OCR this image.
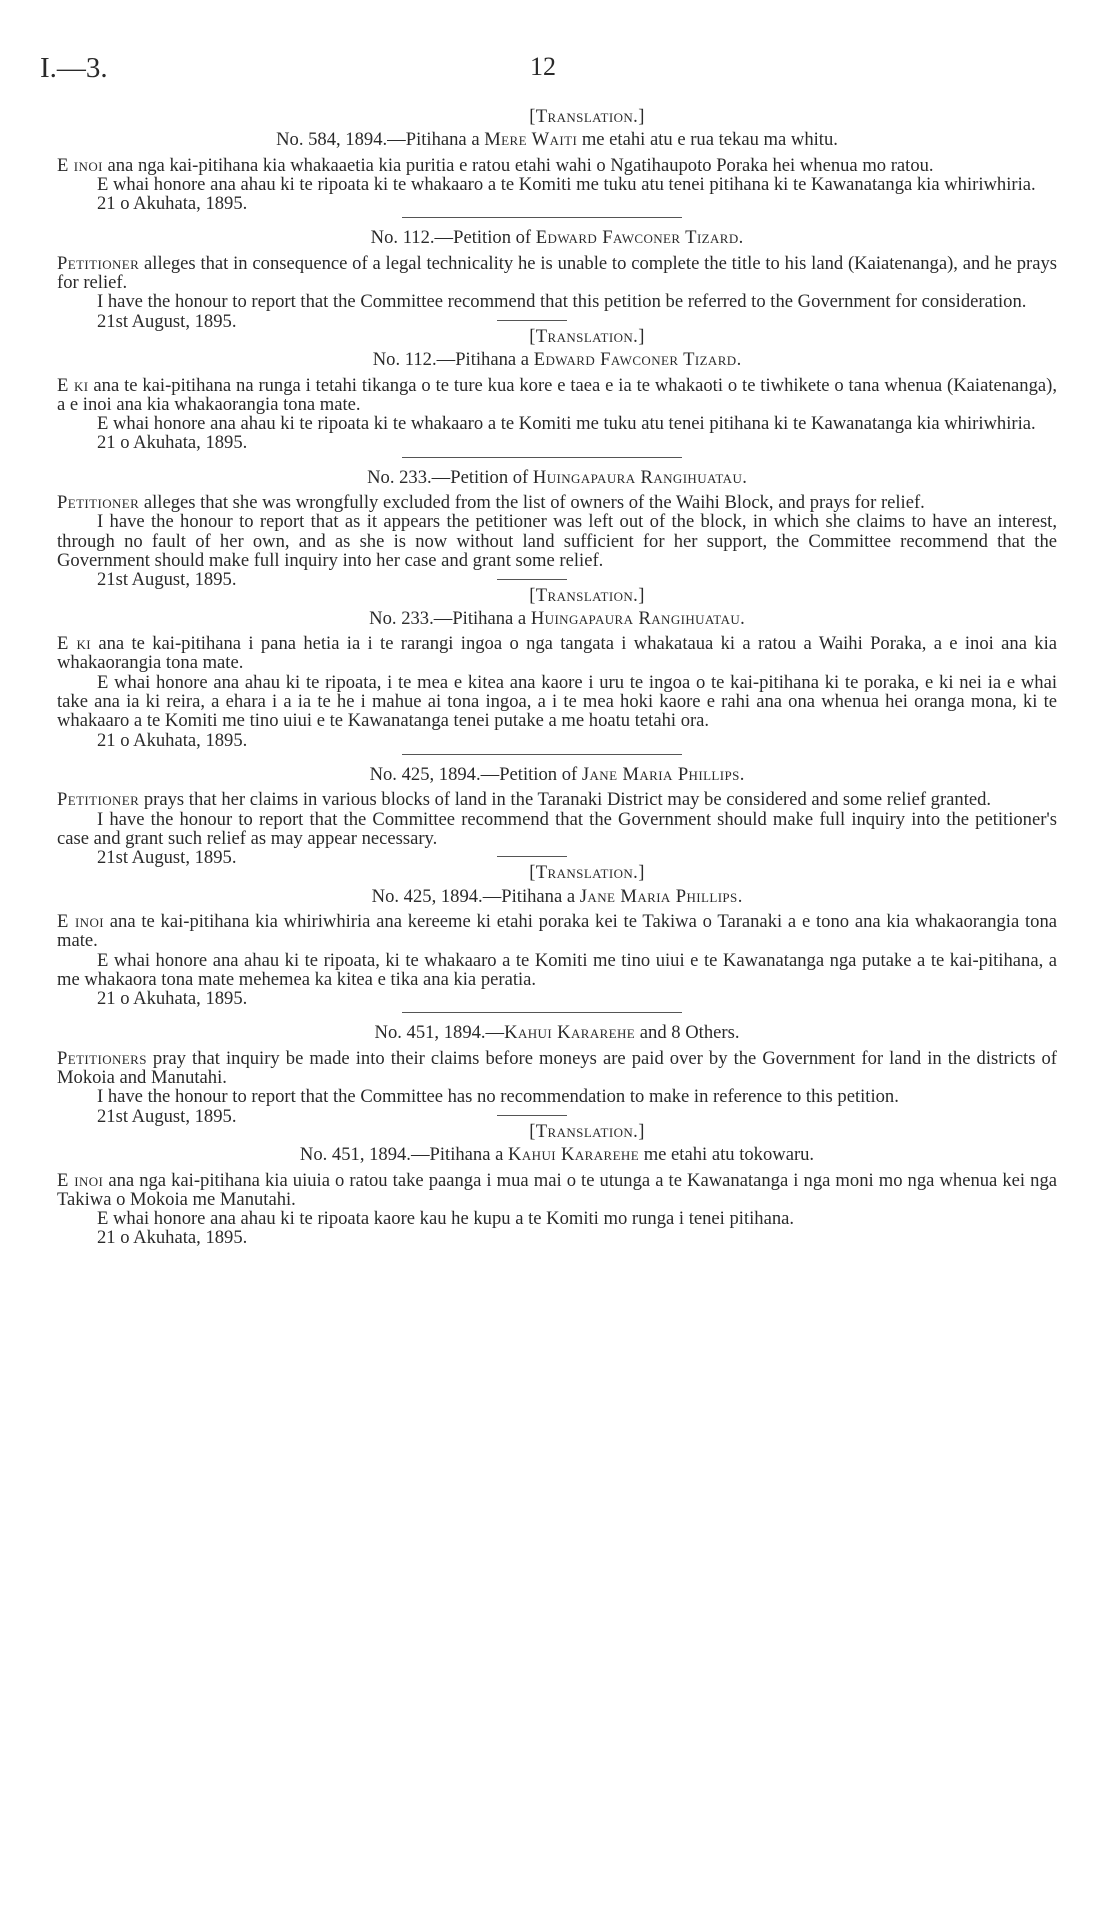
I.—3.	12

[Translation.]

No. 584, 1894.—Pitihana a Mere Waiti me etahi atu e rua tekau ma whitu.

E inoi ana nga kai-pitihana kia whakaaetia kia puritia e ratou etahi wahi o Ngatihaupoto Poraka hei whenua mo ratou.

E whai honore ana ahau ki te ripoata ki te whakaaro a te Komiti me tuku atu tenei pitihana ki te Kawanatanga kia whiriwhiria.

21 o Akuhata, 1895.

No. 112.—Petition of Edward Fawconer Tizard.

Petitioner alleges that in consequence of a legal technicality he is unable to complete the title to his land (Kaiatenanga), and he prays for relief.

I have the honour to report that the Committee recommend that this petition be referred to the Government for consideration.

21st August, 1895.

[Translation.]

No. 112.—Pitihana a Edward Fawconer Tizard.

E ki ana te kai-pitihana na runga i tetahi tikanga o te ture kua kore e taea e ia te whakaoti o te tiwhikete o tana whenua (Kaiatenanga), a e inoi ana kia whakaorangia tona mate.

E whai honore ana ahau ki te ripoata ki te whakaaro a te Komiti me tuku atu tenei pitihana ki te Kawanatanga kia whiriwhiria.

21 o Akuhata, 1895.

No. 233.—Petition of Huingapaura Rangihuatau.

Petitioner alleges that she was wrongfully excluded from the list of owners of the Waihi Block, and prays for relief.

I have the honour to report that as it appears the petitioner was left out of the block, in which she claims to have an interest, through no fault of her own, and as she is now without land sufficient for her support, the Committee recommend that the Government should make full inquiry into her case and grant some relief.

21st August, 1895.

[Translation.]

No. 233.—Pitihana a Huingapaura Rangihuatau.

E ki ana te kai-pitihana i pana hetia ia i te rarangi ingoa o nga tangata i whakataua ki a ratou a Waihi Poraka, a e inoi ana kia whakaorangia tona mate.

E whai honore ana ahau ki te ripoata, i te mea e kitea ana kaore i uru te ingoa o te kai-pitihana ki te poraka, e ki nei ia e whai take ana ia ki reira, a ehara i a ia te he i mahue ai tona ingoa, a i te mea hoki kaore e rahi ana ona whenua hei oranga mona, ki te whakaaro a te Komiti me tino uiui e te Kawanatanga tenei putake a me hoatu tetahi ora.

21 o Akuhata, 1895.

No. 425, 1894.—Petition of Jane Maria Phillips.

Petitioner prays that her claims in various blocks of land in the Taranaki District may be considered and some relief granted.

I have the honour to report that the Committee recommend that the Government should make full inquiry into the petitioner's case and grant such relief as may appear necessary.

21st August, 1895.

[Translation.]

No. 425, 1894.—Pitihana a Jane Maria Phillips.

E inoi ana te kai-pitihana kia whiriwhiria ana kereeme ki etahi poraka kei te Takiwa o Taranaki a e tono ana kia whakaorangia tona mate.

E whai honore ana ahau ki te ripoata, ki te whakaaro a te Komiti me tino uiui e te Kawanatanga nga putake a te kai-pitihana, a me whakaora tona mate mehemea ka kitea e tika ana kia peratia.

21 o Akuhata, 1895.

No. 451, 1894.—Kahui Kararehe and 8 Others.

Petitioners pray that inquiry be made into their claims before moneys are paid over by the Government for land in the districts of Mokoia and Manutahi.

I have the honour to report that the Committee has no recommendation to make in reference to this petition.

21st August, 1895.

[Translation.]

No. 451, 1894.—Pitihana a Kahui Kararehe me etahi atu tokowaru.

E inoi ana nga kai-pitihana kia uiuia o ratou take paanga i mua mai o te utunga a te Kawanatanga i nga moni mo nga whenua kei nga Takiwa o Mokoia me Manutahi.

E whai honore ana ahau ki te ripoata kaore kau he kupu a te Komiti mo runga i tenei pitihana.

21 o Akuhata, 1895.
